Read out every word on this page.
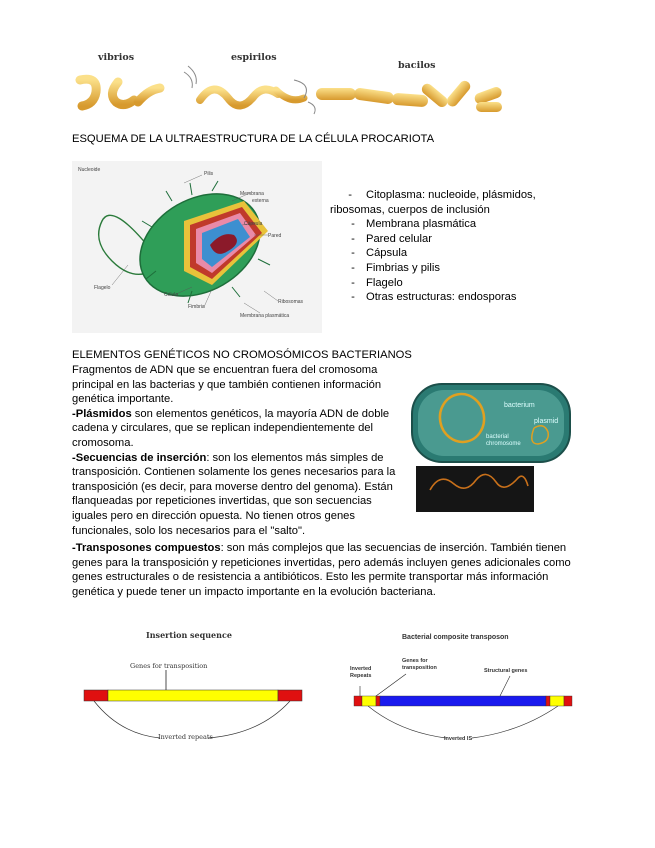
vibrios	espirilos
bacilos
ESQUEMA DE LA ULTRAESTRUCTURA DE LA CÉLULA PROCARIOTA
Pilis
Membrana
externa
Cápsula
Pared
Flagelo
Célula
Fimbria
Ribosomas
Membrana plasmática
Nucleoide
- Citoplasma: nucleoide, plásmidos,
ribosomas, cuerpos de inclusión
- Membrana plasmática
- Pared celular
- Cápsula
- Fimbrias y pilis
- Flagelo
- Otras estructuras: endosporas
ELEMENTOS GENÉTICOS NO CROMOSÓMICOS BACTERIANOS
Fragmentos de ADN que se encuentran fuera del cromosoma
principal en las bacterias y que también contienen información
genética importante.
-Plásmidos son elementos genéticos, la mayoría ADN de doble
cadena y circulares, que se replican independientemente del
cromosoma.
-Secuencias de inserción: son los elementos más simples de
transposición. Contienen solamente los genes necesarios para la
transposición (es decir, para moverse dentro del genoma). Están
flanqueadas por repeticiones invertidas, que son secuencias
iguales pero en dirección opuesta. No tienen otros genes
funcionales, solo los necesarios para el "salto".
-Transposones compuestos: son más complejos que las secuencias de inserción. También tienen
genes para la transposición y repeticiones invertidas, pero además incluyen genes adicionales como
genes estructurales o de resistencia a antibióticos. Esto les permite transportar más información
genética y puede tener un impacto importante en la evolución bacteriana.
bacterium
plasmid
bacterial
chromosome
Insertion sequence
Genes for transposition
Inverted repeats
Bacterial composite transposon
Inverted
Repeats
Genes for
transposition	Structural genes
Inverted IS
